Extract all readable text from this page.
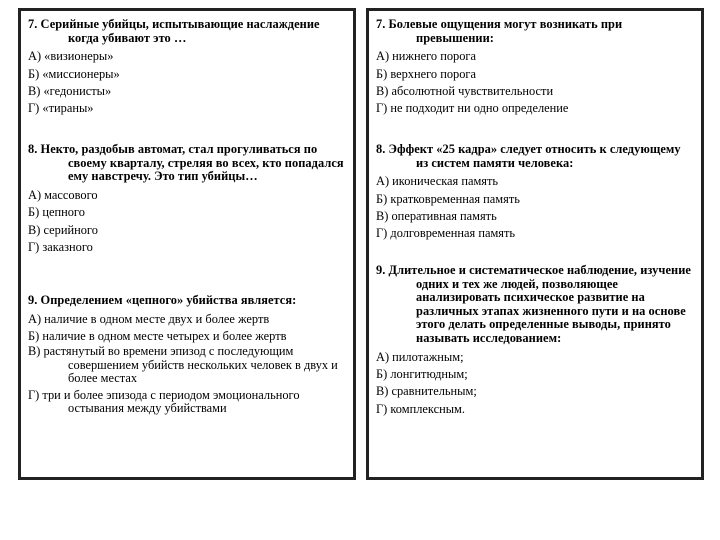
7. Серийные убийцы, испытывающие наслаждение когда убивают это …

А) «визионеры»

Б) «миссионеры»

В) «гедонисты»

Г) «тираны»

8. Некто, раздобыв автомат, стал прогуливаться по своему кварталу, стреляя во всех, кто попадался ему навстречу. Это тип убийцы…

А) массового

Б) цепного

В) серийного

Г) заказного

9. Определением «цепного» убийства является:

А) наличие в одном месте двух и более жертв

Б) наличие в одном месте четырех и более жертв

В) растянутый во времени эпизод с последующим совершением убийств нескольких человек в двух и более местах

Г) три и более эпизода с периодом эмоционального остывания между убийствами

7. Болевые ощущения могут возникать при превышении:

А) нижнего порога

Б) верхнего порога

В) абсолютной чувствительности

Г) не подходит ни одно определение

8. Эффект «25 кадра» следует относить к следующему из систем памяти человека:

А) иконическая память

Б) кратковременная память

В) оперативная память

Г) долговременная память

9. Длительное и систематическое наблюдение, изучение одних и тех же людей, позволяющее анализировать психическое развитие на различных этапах жизненного пути и на основе этого делать определенные выводы, принято называть исследованием:

А) пилотажным;

Б) лонгитюдным;

В) сравнительным;

Г) комплексным.
